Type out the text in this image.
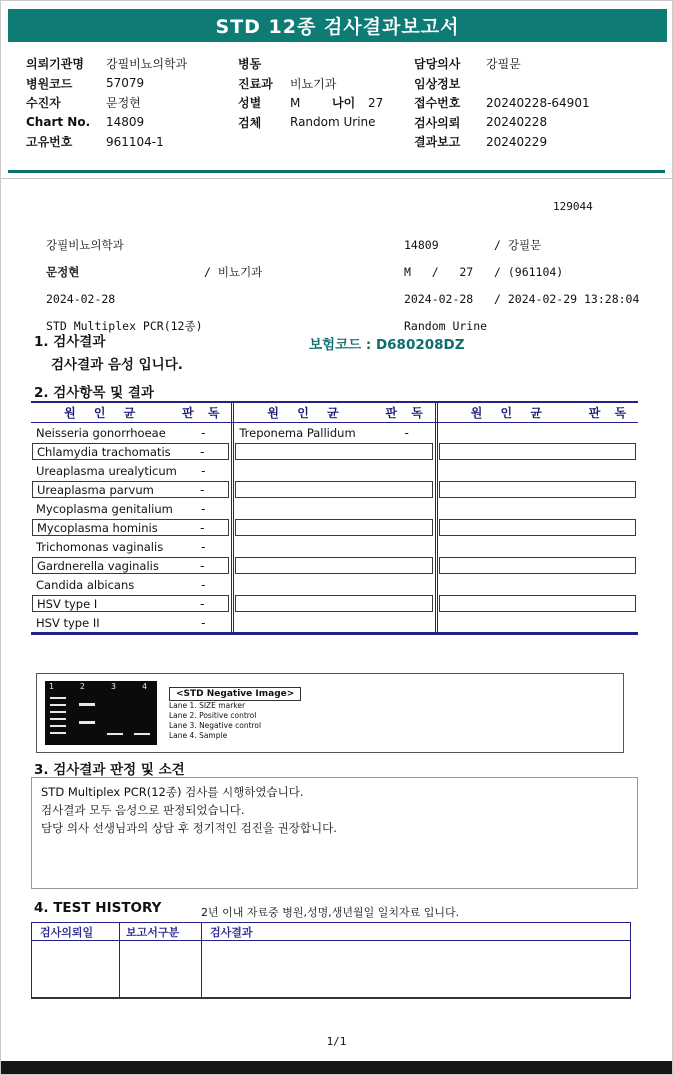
STD 12종 검사결과보고서
의뢰기관명	강필비뇨의학과
병원코드	57079
수진자	문정현
Chart No.	14809
고유번호	961104-1
병동
진료과	비뇨기과
성별	M	나이	27
검체	Random Urine
담당의사	강필문
임상정보
접수번호	20240228-64901
검사의뢰	20240228
결과보고	20240229
129044
강필비뇨의학과	14809	/ 강필문
문정현	/ 비뇨기과	M   /   27	/ (961104)
2024-02-28	2024-02-28	/ 2024-02-29 13:28:04
STD Multiplex PCR(12종)	Random Urine
1. 검사결과	보험코드 : D680208DZ
검사결과 음성 입니다.
2. 검사항목 및 결과
원 인 균	판 독	원 인 균	판 독	원 인 균	판 독
Neisseria gonorrhoeae	-	Treponema Pallidum	-
Chlamydia trachomatis	-
Ureaplasma urealyticum	-
Ureaplasma parvum	-
Mycoplasma genitalium	-
Mycoplasma hominis	-
Trichomonas vaginalis	-
Gardnerella vaginalis	-
Candida albicans	-
HSV type I	-
HSV type II	-
1	2	3	4
<STD Negative Image>
Lane 1. SIZE marker
Lane 2. Positive control
Lane 3. Negative control
Lane 4. Sample
3. 검사결과 판정 및 소견
STD Multiplex PCR(12종) 검사를 시행하였습니다.
검사결과 모두 음성으로 판정되었습니다.
담당 의사 선생님과의 상담 후 정기적인 검진을 권장합니다.
4. TEST HISTORY	2년 이내 자료중 병원,성명,생년월일 일치자료 입니다.
검사의뢰일	보고서구분	검사결과
1/1
